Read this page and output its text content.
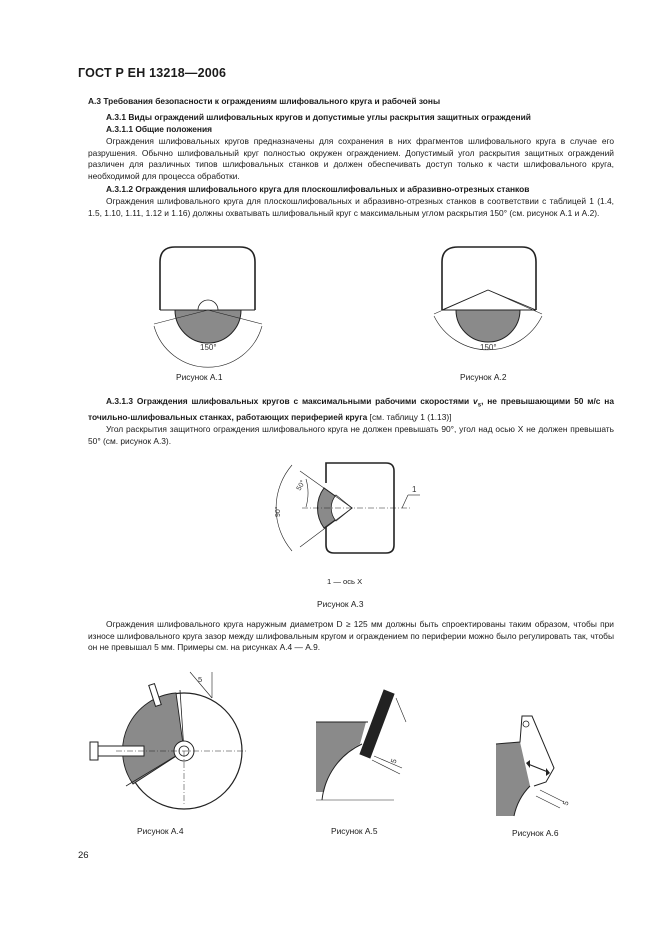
ГОСТ Р ЕН 13218—2006
А.3 Требования безопасности к ограждениям шлифовального круга и рабочей зоны
А.3.1 Виды ограждений шлифовальных кругов и допустимые углы раскрытия защитных ограждений
А.3.1.1 Общие положения
Ограждения шлифовальных кругов предназначены для сохранения в них фрагментов шлифовального круга в случае его разрушения. Обычно шлифовальный круг полностью окружен ограждением. Допустимый угол раскрытия защитных ограждений различен для различных типов шлифовальных станков и должен обеспечивать доступ только к части шлифовального круга, необходимой для процесса обработки.
А.3.1.2 Ограждения шлифовального круга для плоскошлифовальных и абразивно-отрезных станков
Ограждения шлифовального круга для плоскошлифовальных и абразивно-отрезных станков в соответствии с таблицей 1 (1.4, 1.5, 1.10, 1.11, 1.12 и 1.16) должны охватывать шлифовальный круг с максимальным углом раскрытия 150° (см. рисунок А.1 и А.2).
150°
Рисунок А.1
150°
Рисунок А.2
А.3.1.3 Ограждения шлифовальных кругов с максимальными рабочими скоростями $v_s$, не превышающими 50 м/с на точильно-шлифовальных станках, работающих периферией круга [см. таблицу 1 (1.13)]
Угол раскрытия защитного ограждения шлифовального круга не должен превышать 90°, угол над осью X не должен превышать 50° (см. рисунок А.3).
1
90°
50°
1 — ось X
Рисунок А.3
Ограждения шлифовального круга наружным диаметром D ≥ 125 мм должны быть спроектированы таким образом, чтобы при износе шлифовального круга зазор между шлифовальным кругом и ограждением по периферии можно было регулировать так, чтобы он не превышал 5 мм. Примеры см. на рисунках А.4 — А.9.
5
Рисунок А.4
5
Рисунок А.5
5
Рисунок А.6
26
